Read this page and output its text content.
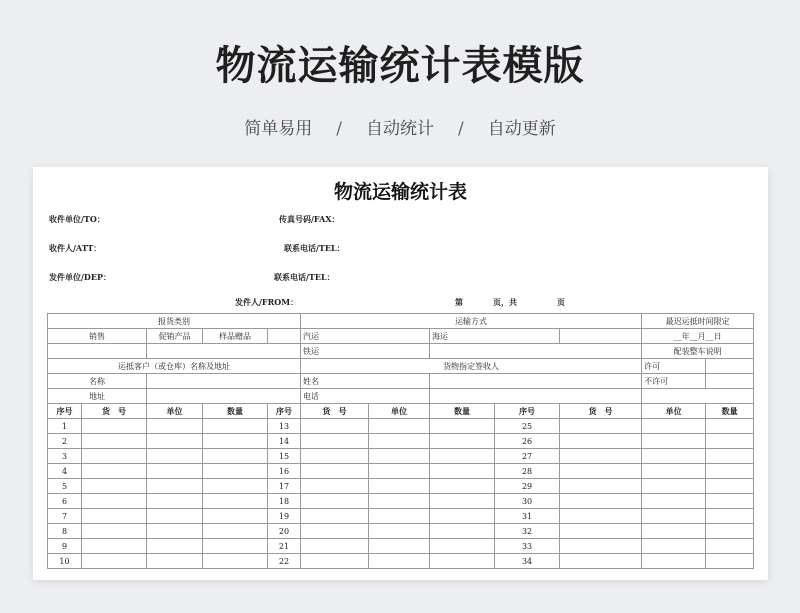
物流运输统计表模版
简单易用 / 自动统计 / 自动更新
物流运输统计表
收件单位/TO：	传真号码/FAX：
收件人/ATT：	联系电话/TEL：
发件单位/DEP：	联系电话/TEL：
发件人/FROM：	第	页，共	页
报货类别					运输方式					最迟运抵时间限定	
销售		促销产品	样品赠品		汽运		海运			__年__月__日	
					铁运					配装整车说明	
运抵客户（或仓库）名称及地址					货物指定签收人					许可	
名称					姓名					不许可	
地址					电话						
序号	货　号	单位	数量	序号	货　号	单位	数量	序号	货　号	单位	数量
1				13				25			
2				14				26			
3				15				27			
4				16				28			
5				17				29			
6				18				30			
7				19				31			
8				20				32			
9				21				33			
10				22				34			
